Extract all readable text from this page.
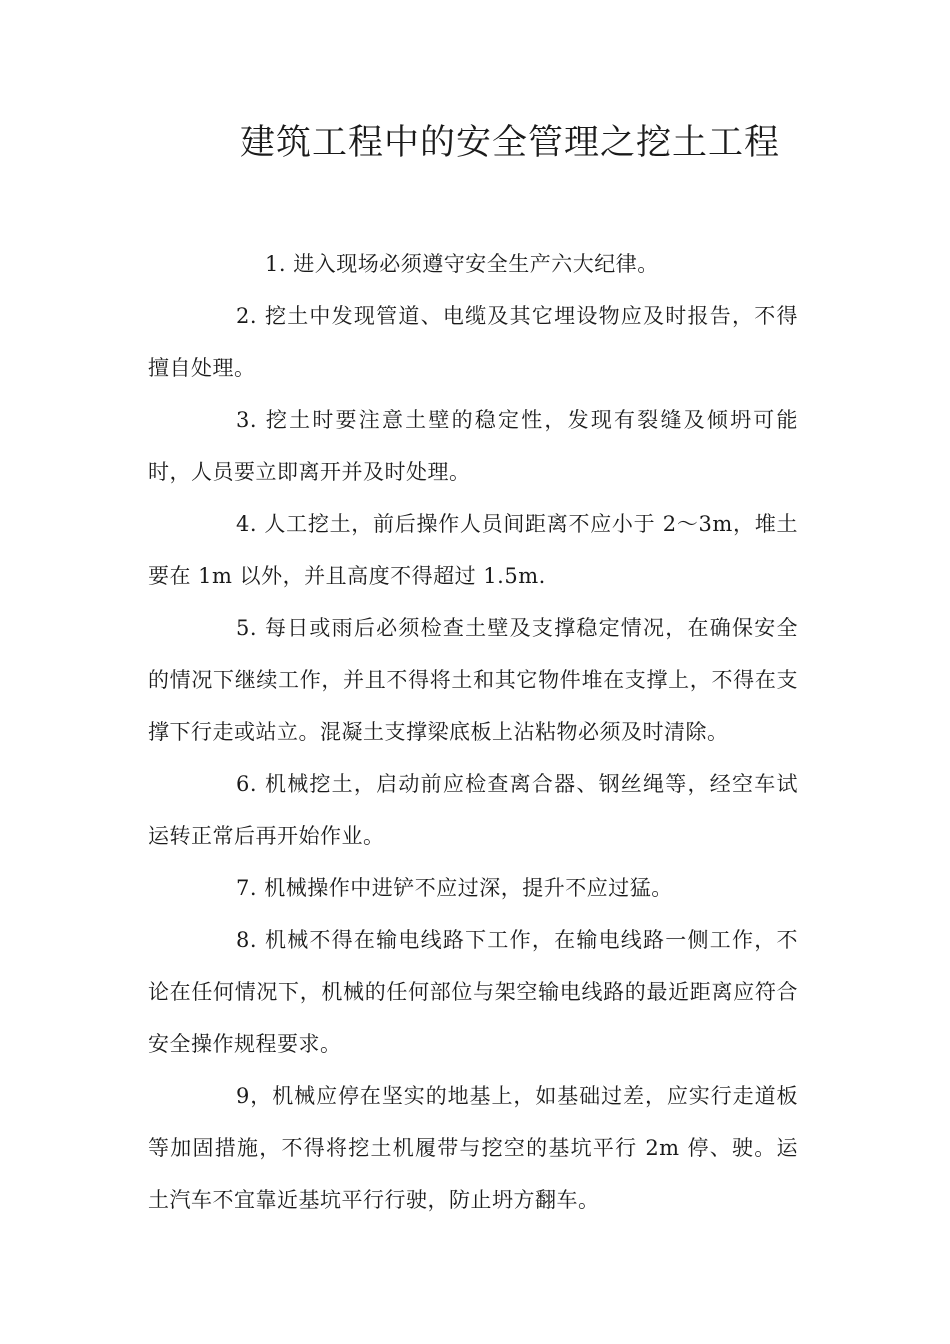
建筑工程中的安全管理之挖土工程

1. 进入现场必须遵守安全生产六大纪律。

2. 挖土中发现管道、电缆及其它埋设物应及时报告，不得擅自处理。

3. 挖土时要注意土壁的稳定性，发现有裂缝及倾坍可能时，人员要立即离开并及时处理。

4. 人工挖土，前后操作人员间距离不应小于 2～3m，堆土要在 1m 以外，并且高度不得超过 1.5m.

5. 每日或雨后必须检查土壁及支撑稳定情况，在确保安全的情况下继续工作，并且不得将土和其它物件堆在支撑上，不得在支撑下行走或站立。混凝土支撑梁底板上沾粘物必须及时清除。

6. 机械挖土，启动前应检查离合器、钢丝绳等，经空车试运转正常后再开始作业。

7. 机械操作中进铲不应过深，提升不应过猛。

8. 机械不得在输电线路下工作，在输电线路一侧工作，不论在任何情况下，机械的任何部位与架空输电线路的最近距离应符合安全操作规程要求。

9，机械应停在坚实的地基上，如基础过差，应实行走道板等加固措施，不得将挖土机履带与挖空的基坑平行 2m 停、驶。运土汽车不宜靠近基坑平行行驶，防止坍方翻车。
